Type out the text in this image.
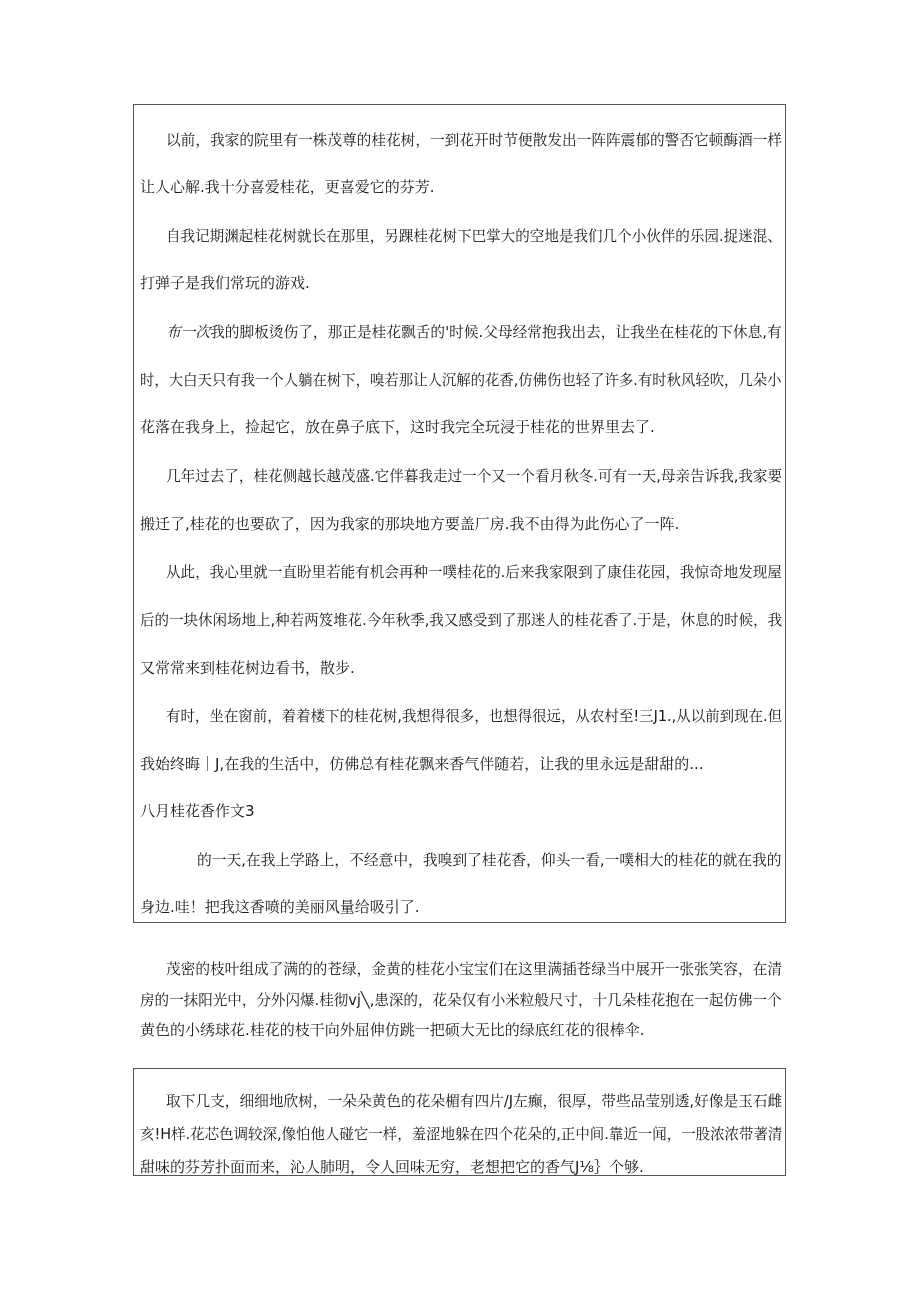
以前，我家的院里有一株茂尊的桂花树，一到花开时节便散发出一阵阵震郁的警否它顿酶酒一样
让人心解.我十分喜爱桂花，更喜爱它的芬芳.
自我记期渊起桂花树就长在那里，另踝桂花树下巴掌大的空地是我们几个小伙伴的乐园.捉迷混、
打弹子是我们常玩的游戏.
布一次我的脚板烫伤了，那正是桂花飘舌的'时候.父母经常抱我出去，让我坐在桂花的下休息,有
时，大白天只有我一个人躺在树下，嗅若那让人沉解的花香,仿佛伤也轻了许多.有时秋风轻吹，几朵小
花落在我身上，捡起它，放在鼻子底下，这时我完全玩浸于桂花的世界里去了.
几年过去了，桂花侧越长越茂盛.它伴暮我走过一个又一个看月秋冬.可有一天,母亲告诉我,我家要
搬迁了,桂花的也要砍了，因为我家的那块地方要盖厂房.我不由得为此伤心了一阵.
从此，我心里就一直盼里若能有机会再种一噗桂花的.后来我家限到了康佳花园，我惊奇地发现屋
后的一块休闲场地上,种若两笈堆花.今年秋季,我又感受到了那迷人的桂花香了.于是，休息的时候，我
又常常来到桂花树边看书，散步.
有时，坐在窗前，着着楼下的桂花树,我想得很多，也想得很远，从农村至!三J1.,从以前到现在.但
我始终晦｜J,在我的生活中，仿佛总有桂花飘来香气伴随若，让我的里永远是甜甜的...
八月桂花香作文3
的一天,在我上学路上，不经意中，我嗅到了桂花香，仰头一看,一噗相大的桂花的就在我的
身边.哇！把我这香喷的美丽风量给吸引了.
茂密的枝叶组成了满的的苍绿，金黄的桂花小宝宝们在这里满插苍绿当中展开一张张笑容，在清
房的一抹阳光中，分外闪爆.桂彻vj╲,患深的，花朵仅有小米粒般尺寸，十几朵桂花抱在一起仿佛一个
黄色的小绣球花.桂花的枝干向外屈伸仿跳一把硕大无比的绿底红花的很棒伞.
取下几支，细细地欣树，一朵朵黄色的花朵楣有四片/J左癫，很厚，带些品莹别透,好像是玉石雌
亥!H样.花芯色调较深,像怕他人碰它一样，羞涩地躲在四个花朵的,正中间.靠近一闻，一股浓浓带著清
甜味的芬芳扑面而来，沁人肺明，令人回味无穷，老想把它的香气J⅛｝个够.
